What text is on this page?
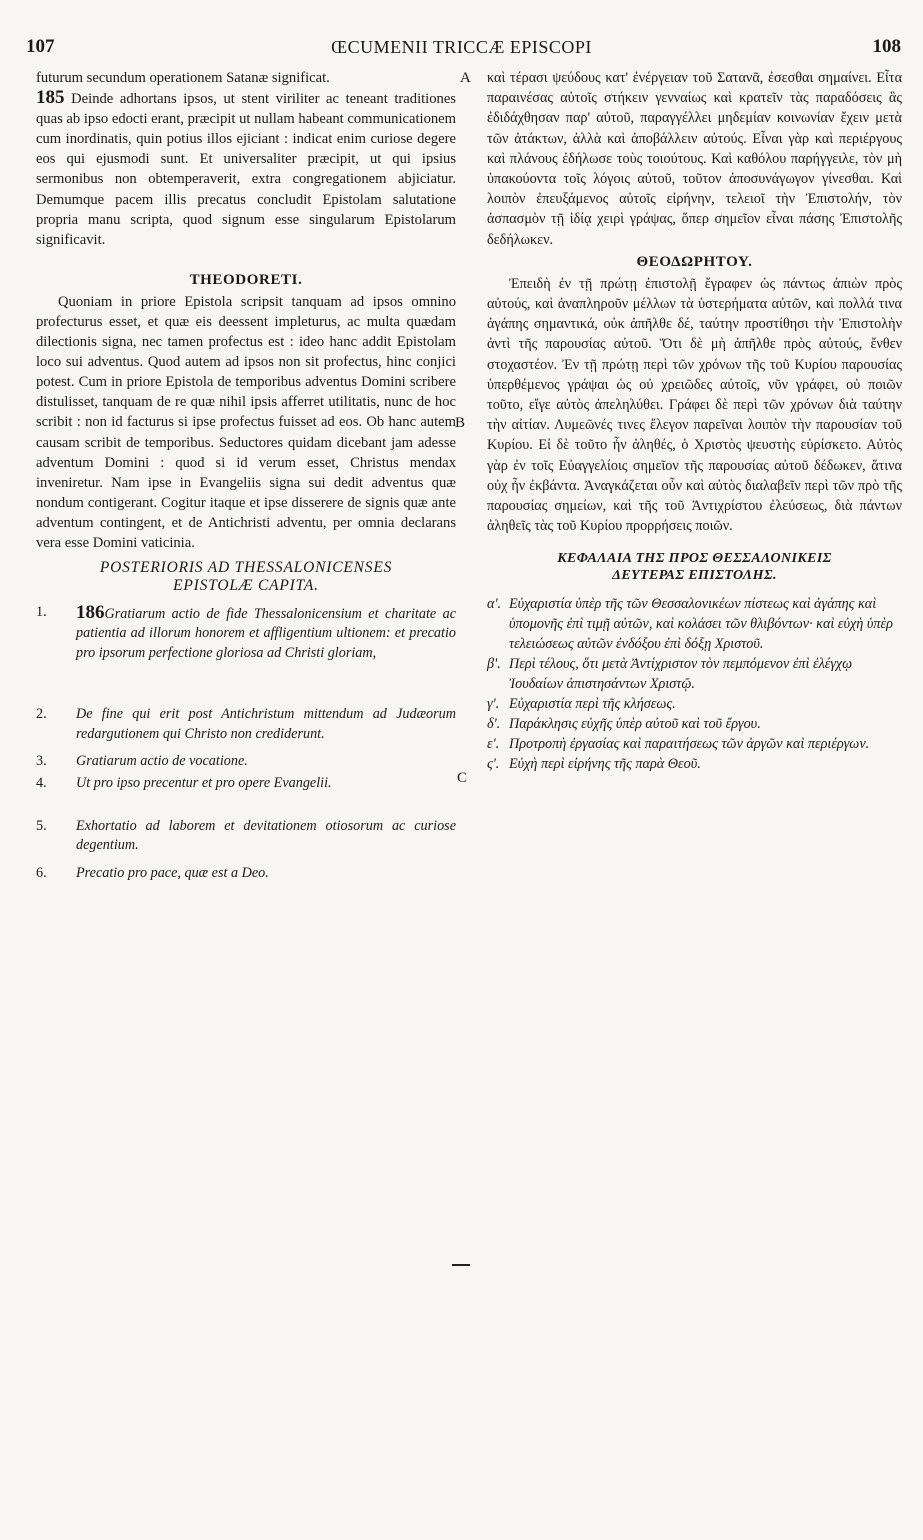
107	ŒCUMENII TRICCÆ EPISCOPI	108
A
B
C

futurum secundum operationem Satanæ significat.

185 Deinde adhortans ipsos, ut stent viriliter ac teneant traditiones quas ab ipso edocti erant, præcipit ut nullam habeant communicationem cum inordinatis, quin potius illos ejiciant : indicat enim curiose degere eos qui ejusmodi sunt. Et universaliter præcipit, ut qui ipsius sermonibus non obtemperaverit, extra congregationem abjiciatur. Demumque pacem illis precatus concludit Epistolam salutatione propria manu scripta, quod signum esse singularum Epistolarum significavit.

THEODORETI.

Quoniam in priore Epistola scripsit tanquam ad ipsos omnino profecturus esset, et quæ eis deessent impleturus, ac multa quædam dilectionis signa, nec tamen profectus est : ideo hanc addit Epistolam loco sui adventus. Quod autem ad ipsos non sit profectus, hinc conjici potest. Cum in priore Epistola de temporibus adventus Domini scribere distulisset, tanquam de re quæ nihil ipsis afferret utilitatis, nunc de hoc scribit : non id facturus si ipse profectus fuisset ad eos. Ob hanc autem causam scribit de temporibus. Seductores quidam dicebant jam adesse adventum Domini : quod si id verum esset, Christus mendax inveniretur. Nam ipse in Evangeliis signa sui dedit adventus quæ nondum contigerant. Cogitur itaque et ipse disserere de signis quæ ante adventum contingent, et de Antichristi adventu, per omnia declarans vera esse Domini vaticinia.

POSTERIORIS AD THESSALONICENSES

EPISTOLÆ CAPITA.

1.	186Gratiarum actio de fide Thessalonicensium et charitate ac patientia ad illorum honorem et affligentium ultionem: et precatio pro ipsorum perfectione gloriosa ad Christi gloriam,
2.	De fine qui erit post Antichristum mittendum ad Judæorum redargutionem qui Christo non crediderunt.
3.	Gratiarum actio de vocatione.
4.	Ut pro ipso precentur et pro opere Evangelii.
5.	Exhortatio ad laborem et devitationem otiosorum ac curiose degentium.
6.	Precatio pro pace, quæ est a Deo.

καὶ τέρασι ψεύδους κατ' ἐνέργειαν τοῦ Σατανᾶ, ἐσεσθαι σημαίνει. Εἶτα παραινέσας αὐτοῖς στήκειν γενναίως καὶ κρατεῖν τὰς παραδόσεις ἃς ἐδιδάχθησαν παρ' αὐτοῦ, παραγγέλλει μηδεμίαν κοινωνίαν ἔχειν μετὰ τῶν ἀτάκτων, ἀλλὰ καὶ ἀποβάλλειν αὐτούς. Εἶναι γὰρ καὶ περιέργους καὶ πλάνους ἐδήλωσε τοὺς τοιούτους. Καὶ καθόλου παρήγγειλε, τὸν μὴ ὑπακούοντα τοῖς λόγοις αὐτοῦ, τοῦτον ἀποσυνάγωγον γίνεσθαι. Καὶ λοιπὸν ἐπευξάμενος αὐτοῖς εἰρήνην, τελειοῖ τὴν Ἐπιστολήν, τὸν ἀσπασμὸν τῇ ἰδίᾳ χειρὶ γράψας, ὅπερ σημεῖον εἶναι πάσης Ἐπιστολῆς δεδήλωκεν.

ΘΕΟΔΩΡΗΤΟΥ.

Ἐπειδὴ ἐν τῇ πρώτῃ ἐπιστολῇ ἔγραφεν ὡς πάντως ἀπιὼν πρὸς αὐτούς, καὶ ἀναπληροῦν μέλλων τὰ ὑστερήματα αὐτῶν, καὶ πολλά τινα ἀγάπης σημαντικά, οὐκ ἀπῆλθε δέ, ταύτην προστίθησι τὴν Ἐπιστολὴν ἀντὶ τῆς παρουσίας αὐτοῦ. Ὅτι δὲ μὴ ἀπῆλθε πρὸς αὐτούς, ἔνθεν στοχαστέον. Ἐν τῇ πρώτῃ περὶ τῶν χρόνων τῆς τοῦ Κυρίου παρουσίας ὑπερθέμενος γράψαι ὡς οὐ χρειῶδες αὐτοῖς, νῦν γράφει, οὐ ποιῶν τοῦτο, εἴγε αὐτὸς ἀπεληλύθει. Γράφει δὲ περὶ τῶν χρόνων διὰ ταύτην τὴν αἰτίαν. Λυμεῶνές τινες ἔλεγον παρεῖναι λοιπὸν τὴν παρουσίαν τοῦ Κυρίου. Εἰ δὲ τοῦτο ἦν ἀληθές, ὁ Χριστὸς ψευστὴς εὑρίσκετο. Αὐτὸς γὰρ ἐν τοῖς Εὐαγγελίοις σημεῖον τῆς παρουσίας αὐτοῦ δέδωκεν, ἅτινα οὐχ ἦν ἐκβάντα. Ἀναγκάζεται οὖν καὶ αὐτὸς διαλαβεῖν περὶ τῶν πρὸ τῆς παρουσίας σημείων, καὶ τῆς τοῦ Ἀντιχρίστου ἐλεύσεως, διὰ πάντων ἀληθεῖς τὰς τοῦ Κυρίου προρρήσεις ποιῶν.

ΚΕΦΑΛΑΙΑ ΤΗΣ ΠΡΟΣ ΘΕΣΣΑΛΟΝΙΚΕΙΣ

ΔΕΥΤΕΡΑΣ ΕΠΙΣΤΟΛΗΣ.

α'. Εὐχαριστία ὑπὲρ τῆς τῶν Θεσσαλονικέων πίστεως καὶ ἀγάπης καὶ ὑπομονῆς ἐπὶ τιμῇ αὐτῶν, καὶ κολάσει τῶν θλιβόντων· καὶ εὐχὴ ὑπὲρ τελειώσεως αὐτῶν ἐνδόξου ἐπὶ δόξῃ Χριστοῦ.
β'. Περὶ τέλους, ὅτι μετὰ Ἀντίχριστον τὸν πεμπόμενον ἐπὶ ἐλέγχῳ Ἰουδαίων ἀπιστησάντων Χριστῷ.
γ'. Εὐχαριστία περὶ τῆς κλήσεως.
δ'. Παράκλησις εὐχῆς ὑπὲρ αὐτοῦ καὶ τοῦ ἔργου.
ε'. Προτροπὴ ἐργασίας καὶ παραιτήσεως τῶν ἀργῶν καὶ περιέργων.
ς'. Εὐχὴ περὶ εἰρήνης τῆς παρὰ Θεοῦ.
